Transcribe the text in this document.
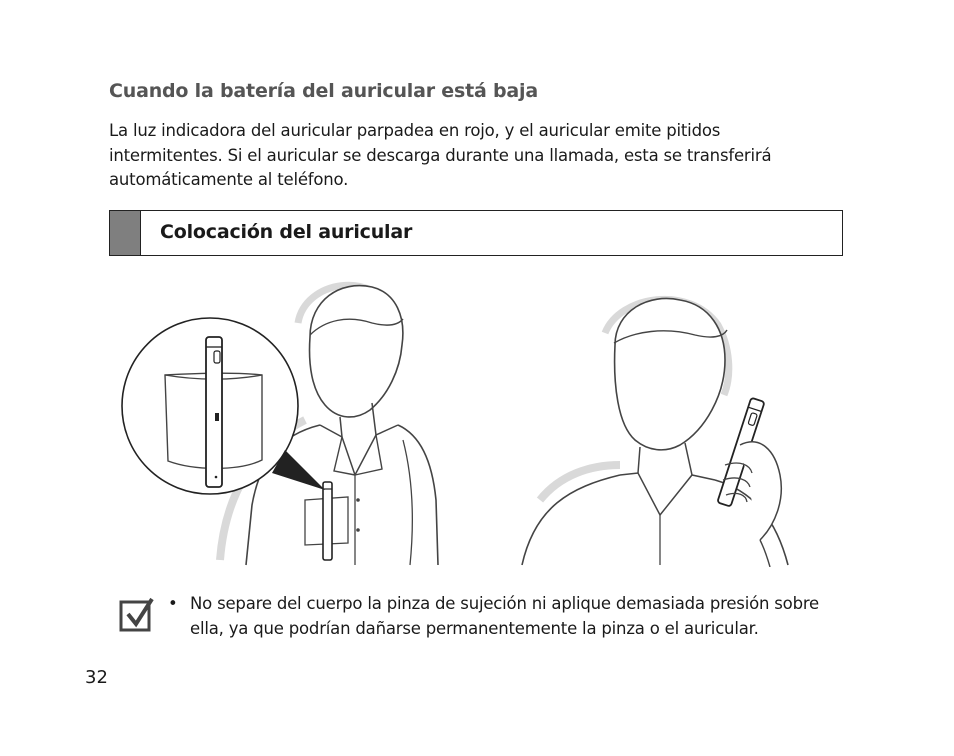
Cuando la batería del auricular está baja

La luz indicadora del auricular parpadea en rojo, y el auricular emite pitidos intermitentes. Si el auricular se descarga durante una llamada, esta se transferirá automáticamente al teléfono.

Colocación del auricular
• No separe del cuerpo la pinza de sujeción ni aplique demasiada presión sobre ella, ya que podrían dañarse permanentemente la pinza o el auricular.

32
